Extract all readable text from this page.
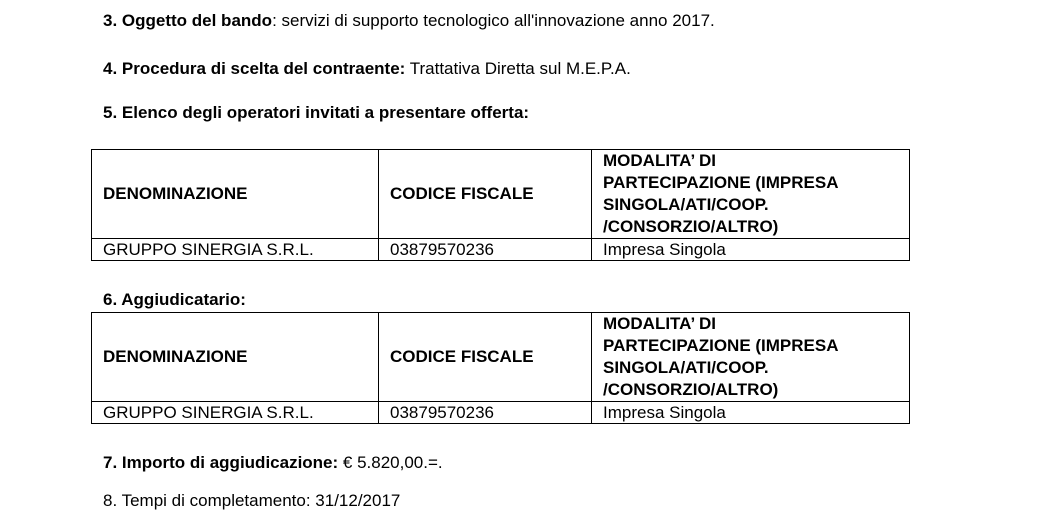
3. Oggetto del bando: servizi di supporto tecnologico all'innovazione anno 2017.
4. Procedura di scelta del contraente: Trattativa Diretta sul M.E.P.A.
5. Elenco degli operatori invitati a presentare offerta:
DENOMINAZIONE	CODICE FISCALE	MODALITA’ DI
PARTECIPAZIONE (IMPRESA
SINGOLA/ATI/COOP.
/CONSORZIO/ALTRO)
GRUPPO SINERGIA S.R.L.	03879570236	Impresa Singola
6. Aggiudicatario:
DENOMINAZIONE	CODICE FISCALE	MODALITA’ DI
PARTECIPAZIONE (IMPRESA
SINGOLA/ATI/COOP.
/CONSORZIO/ALTRO)
GRUPPO SINERGIA S.R.L.	03879570236	Impresa Singola
7. Importo di aggiudicazione: € 5.820,00.=.
8. Tempi di completamento: 31/12/2017
